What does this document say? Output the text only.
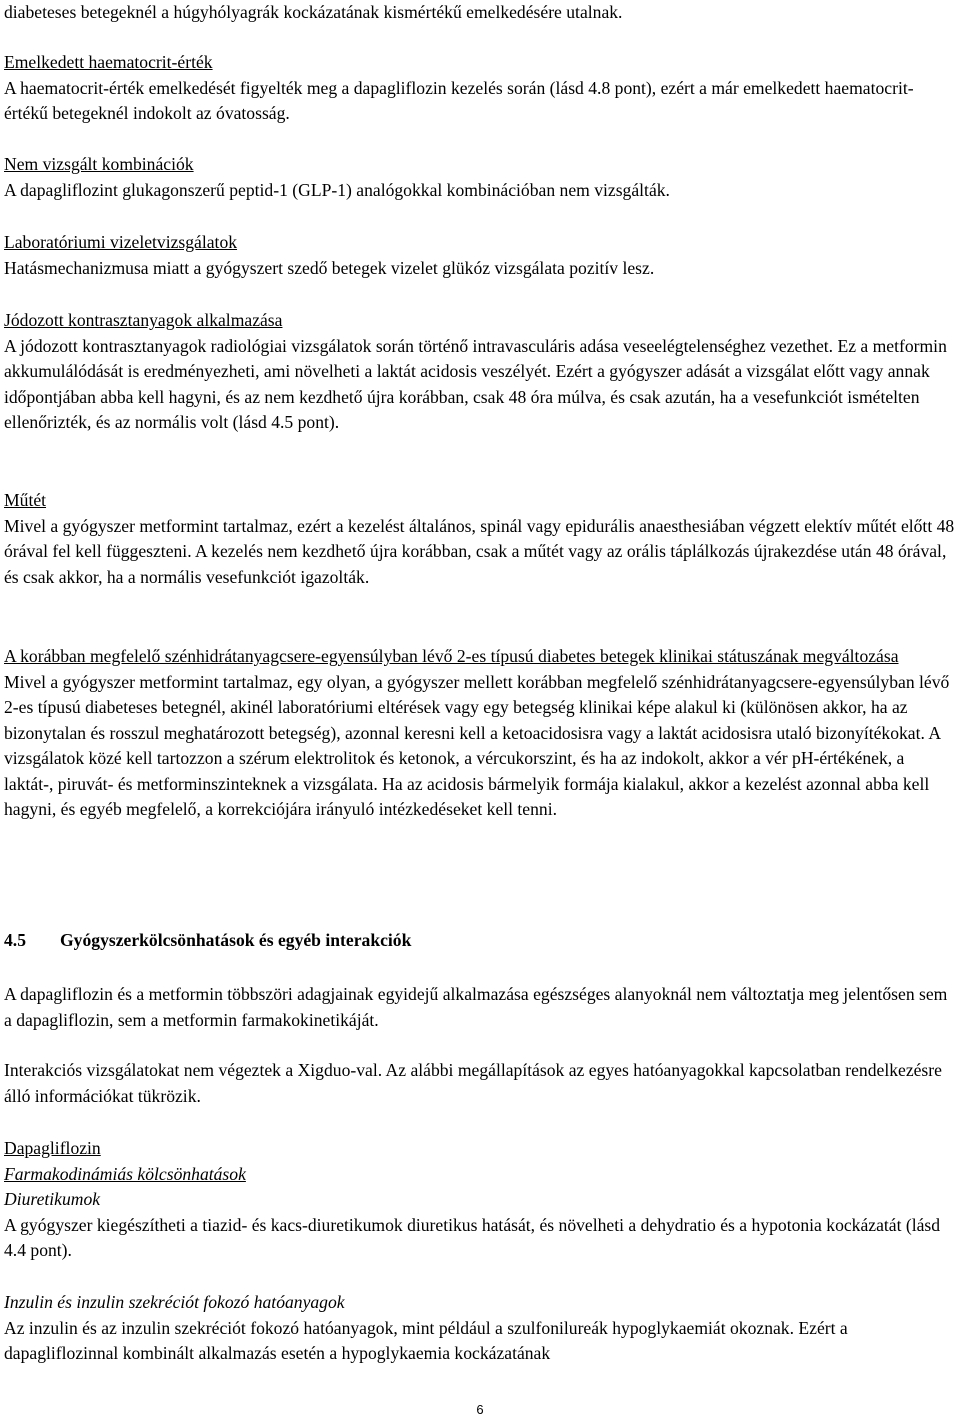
diabeteses betegeknél a húgyhólyagrák kockázatának kismértékű emelkedésére utalnak.

Emelkedett haematocrit-érték
A haematocrit-érték emelkedését figyelték meg a dapagliflozin kezelés során (lásd 4.8 pont), ezért a már emelkedett haematocrit-értékű betegeknél indokolt az óvatosság.
Nem vizsgált kombinációk
A dapagliflozint glukagonszerű peptid-1 (GLP-1) analógokkal kombinációban nem vizsgálták.
Laboratóriumi vizeletvizsgálatok
Hatásmechanizmusa miatt a gyógyszert szedő betegek vizelet glükóz vizsgálata pozitív lesz.
Jódozott kontrasztanyagok alkalmazása
A jódozott kontrasztanyagok radiológiai vizsgálatok során történő intravasculáris adása veseelégtelenséghez vezethet. Ez a metformin akkumulálódását is eredményezheti, ami növelheti a laktát acidosis veszélyét. Ezért a gyógyszer adását a vizsgálat előtt vagy annak időpontjában abba kell hagyni, és az nem kezdhető újra korábban, csak 48 óra múlva, és csak azután, ha a vesefunkciót ismételten ellenőrizték, és az normális volt (lásd 4.5 pont).
Műtét
Mivel a gyógyszer metformint tartalmaz, ezért a kezelést általános, spinál vagy epidurális anaesthesiában végzett elektív műtét előtt 48 órával fel kell függeszteni. A kezelés nem kezdhető újra korábban, csak a műtét vagy az orális táplálkozás újrakezdése után 48 órával, és csak akkor, ha a normális vesefunkciót igazolták.
A korábban megfelelő szénhidrátanyagcsere-egyensúlyban lévő 2-es típusú diabetes betegek klinikai státuszának megváltozása
Mivel a gyógyszer metformint tartalmaz, egy olyan, a gyógyszer mellett korábban megfelelő szénhidrátanyagcsere-egyensúlyban lévő 2-es típusú diabeteses betegnél, akinél laboratóriumi eltérések vagy egy betegség klinikai képe alakul ki (különösen akkor, ha az bizonytalan és rosszul meghatározott betegség), azonnal keresni kell a ketoacidosisra vagy a laktát acidosisra utaló bizonyítékokat. A vizsgálatok közé kell tartozzon a szérum elektrolitok és ketonok, a vércukorszint, és ha az indokolt, akkor a vér pH-értékének, a laktát-, piruvát- és metforminszinteknek a vizsgálata. Ha az acidosis bármelyik formája kialakul, akkor a kezelést azonnal abba kell hagyni, és egyéb megfelelő, a korrekciójára irányuló intézkedéseket kell tenni.
4.5 Gyógyszerkölcsönhatások és egyéb interakciók

A dapagliflozin és a metformin többszöri adagjainak egyidejű alkalmazása egészséges alanyoknál nem változtatja meg jelentősen sem a dapagliflozin, sem a metformin farmakokinetikáját.

Interakciós vizsgálatokat nem végeztek a Xigduo-val. Az alábbi megállapítások az egyes hatóanyagokkal kapcsolatban rendelkezésre álló információkat tükrözik.

Dapagliflozin
Farmakodinámiás kölcsönhatások
Diuretikumok
A gyógyszer kiegészítheti a tiazid- és kacs-diuretikumok diuretikus hatását, és növelheti a dehydratio és a hypotonia kockázatát (lásd 4.4 pont).
Inzulin és inzulin szekréciót fokozó hatóanyagok
Az inzulin és az inzulin szekréciót fokozó hatóanyagok, mint például a szulfonilureák hypoglykaemiát okoznak. Ezért a dapagliflozinnal kombinált alkalmazás esetén a hypoglykaemia kockázatának
6
